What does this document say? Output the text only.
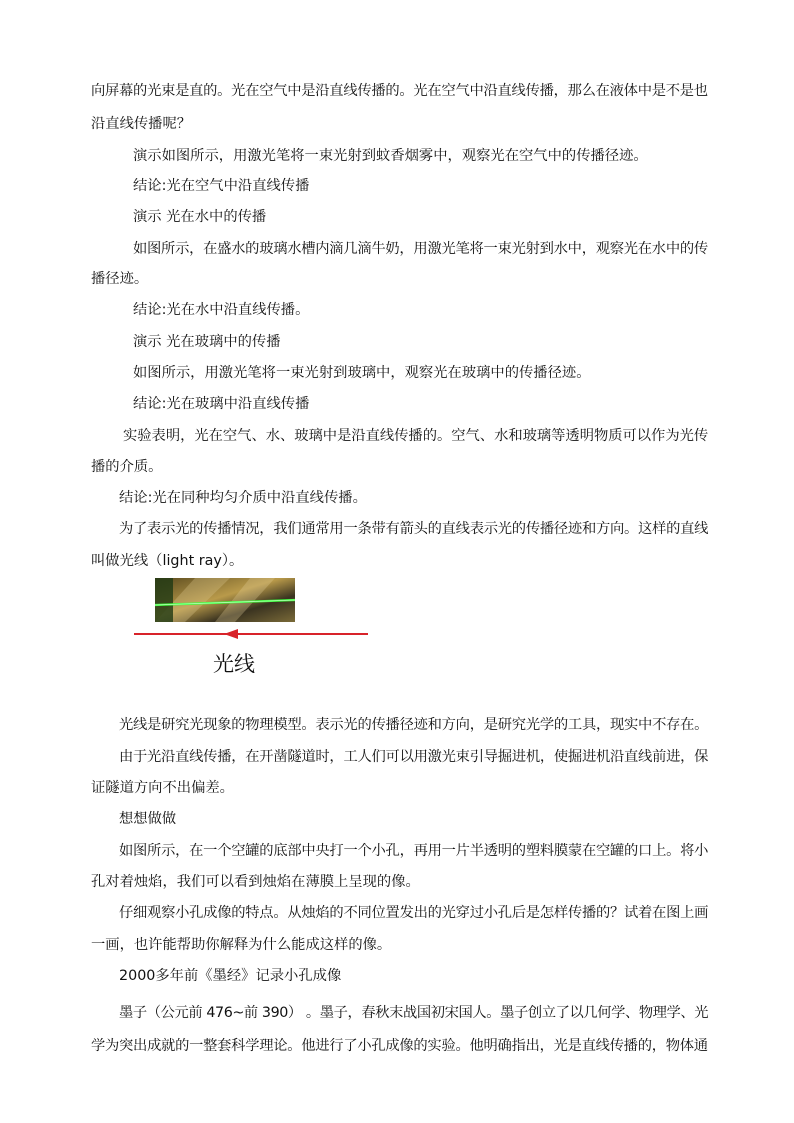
向屏幕的光束是直的。光在空气中是沿直线传播的。光在空气中沿直线传播，那么在液体中是不是也

沿直线传播呢？

演示如图所示，用激光笔将一束光射到蚊香烟雾中，观察光在空气中的传播径迹。

结论:光在空气中沿直线传播

演示 光在水中的传播

如图所示，在盛水的玻璃水槽内滴几滴牛奶，用激光笔将一束光射到水中，观察光在水中的传

播径迹。

结论:光在水中沿直线传播。

演示 光在玻璃中的传播

如图所示，用激光笔将一束光射到玻璃中，观察光在玻璃中的传播径迹。

结论:光在玻璃中沿直线传播

实验表明，光在空气、水、玻璃中是沿直线传播的。空气、水和玻璃等透明物质可以作为光传

播的介质。

结论:光在同种均匀介质中沿直线传播。

为了表示光的传播情况，我们通常用一条带有箭头的直线表示光的传播径迹和方向。这样的直线

叫做光线（light ray）。

光线

光线是研究光现象的物理模型。表示光的传播径迹和方向，是研究光学的工具，现实中不存在。

由于光沿直线传播，在开凿隧道时，工人们可以用激光束引导掘进机，使掘进机沿直线前进，保

证隧道方向不出偏差。

想想做做

如图所示，在一个空罐的底部中央打一个小孔，再用一片半透明的塑料膜蒙在空罐的口上。将小

孔对着烛焰，我们可以看到烛焰在薄膜上呈现的像。

仔细观察小孔成像的特点。从烛焰的不同位置发出的光穿过小孔后是怎样传播的？试着在图上画

一画，也许能帮助你解释为什么能成这样的像。

2000多年前《墨经》记录小孔成像

墨子（公元前 476~前 390） 。墨子，春秋末战国初宋国人。墨子创立了以几何学、物理学、光

学为突出成就的一整套科学理论。他进行了小孔成像的实验。他明确指出，光是直线传播的，物体通
